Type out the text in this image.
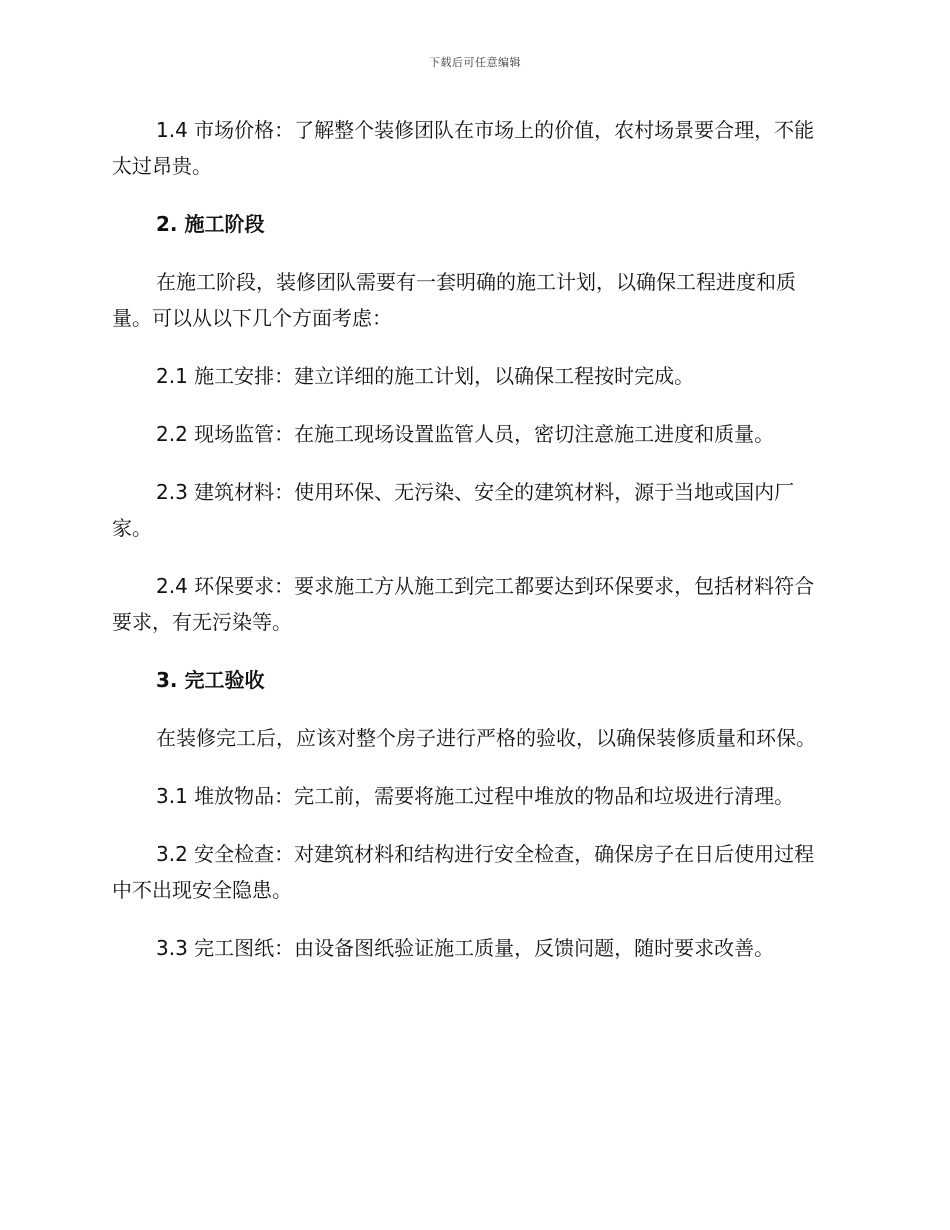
下载后可任意编辑

1.4 市场价格：了解整个装修团队在市场上的价值，农村场景要合理，不能太过昂贵。

2. 施工阶段

在施工阶段，装修团队需要有一套明确的施工计划，以确保工程进度和质量。可以从以下几个方面考虑：

2.1 施工安排：建立详细的施工计划，以确保工程按时完成。

2.2 现场监管：在施工现场设置监管人员，密切注意施工进度和质量。

2.3 建筑材料：使用环保、无污染、安全的建筑材料，源于当地或国内厂家。

2.4 环保要求：要求施工方从施工到完工都要达到环保要求，包括材料符合要求，有无污染等。

3. 完工验收

在装修完工后，应该对整个房子进行严格的验收，以确保装修质量和环保。

3.1 堆放物品：完工前，需要将施工过程中堆放的物品和垃圾进行清理。

3.2 安全检查：对建筑材料和结构进行安全检查，确保房子在日后使用过程中不出现安全隐患。

3.3 完工图纸：由设备图纸验证施工质量，反馈问题，随时要求改善。
